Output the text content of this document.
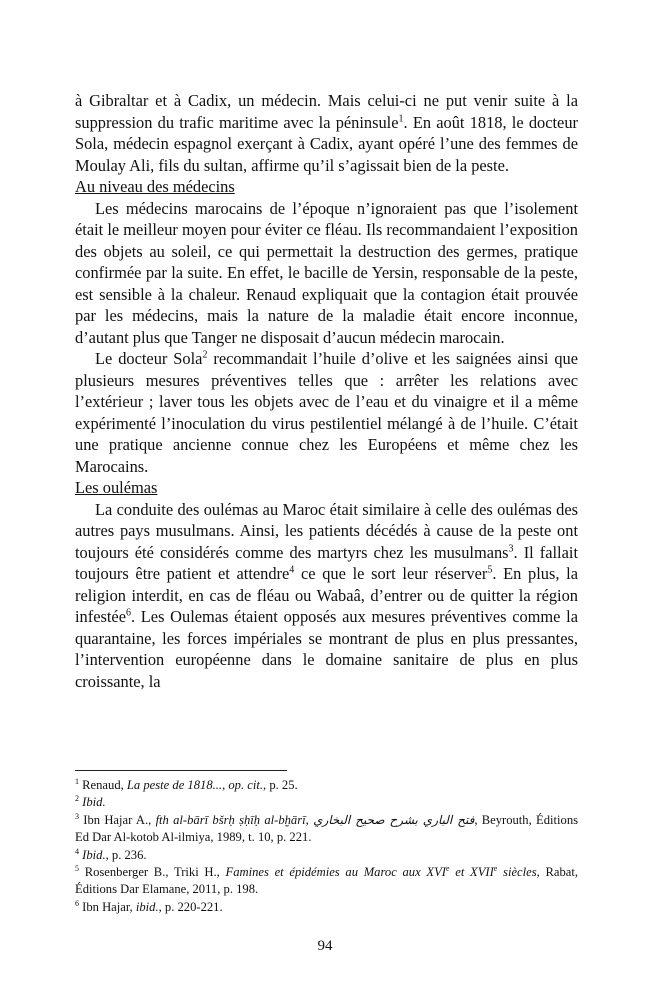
à Gibraltar et à Cadix, un médecin. Mais celui-ci ne put venir suite à la suppression du trafic maritime avec la péninsule$^1$. En août 1818, le docteur Sola, médecin espagnol exerçant à Cadix, ayant opéré l’une des femmes de Moulay Ali, fils du sultan, affirme qu’il s’agissait bien de la peste.

Au niveau des médecins

Les médecins marocains de l’époque n’ignoraient pas que l’isolement était le meilleur moyen pour éviter ce fléau. Ils recommandaient l’exposition des objets au soleil, ce qui permettait la destruction des germes, pratique confirmée par la suite. En effet, le bacille de Yersin, responsable de la peste, est sensible à la chaleur. Renaud expliquait que la contagion était prouvée par les médecins, mais la nature de la maladie était encore inconnue, d’autant plus que Tanger ne disposait d’aucun médecin marocain.

Le docteur Sola$^2$ recommandait l’huile d’olive et les saignées ainsi que plusieurs mesures préventives telles que : arrêter les relations avec l’extérieur ; laver tous les objets avec de l’eau et du vinaigre et il a même expérimenté l’inoculation du virus pestilentiel mélangé à de l’huile. C’était une pratique ancienne connue chez les Européens et même chez les Marocains.

Les oulémas

La conduite des oulémas au Maroc était similaire à celle des oulémas des autres pays musulmans. Ainsi, les patients décédés à cause de la peste ont toujours été considérés comme des martyrs chez les musulmans$^3$. Il fallait toujours être patient et attendre$^4$ ce que le sort leur réserver$^5$. En plus, la religion interdit, en cas de fléau ou Wabaâ, d’entrer ou de quitter la région infestée$^6$. Les Oulemas étaient opposés aux mesures préventives comme la quarantaine, les forces impériales se montrant de plus en plus pressantes, l’intervention européenne dans le domaine sanitaire de plus en plus croissante, la

$^1$ Renaud, La peste de 1818..., op. cit., p. 25.

$^2$ Ibid.

$^3$ Ibn Hajar A., fth al-bārī bšrḥ ṣḥīḥ al-bḫārī, فتح الباري بشرح صحيح البخاري, Beyrouth, Éditions Ed Dar Al-kotob Al-ilmiya, 1989, t. 10, p. 221.

$^4$ Ibid., p. 236.

$^5$ Rosenberger B., Triki H., Famines et épidémies au Maroc aux XVIe et XVIIe siècles, Rabat, Éditions Dar Elamane, 2011, p. 198.

$^6$ Ibn Hajar, ibid., p. 220-221.

94
